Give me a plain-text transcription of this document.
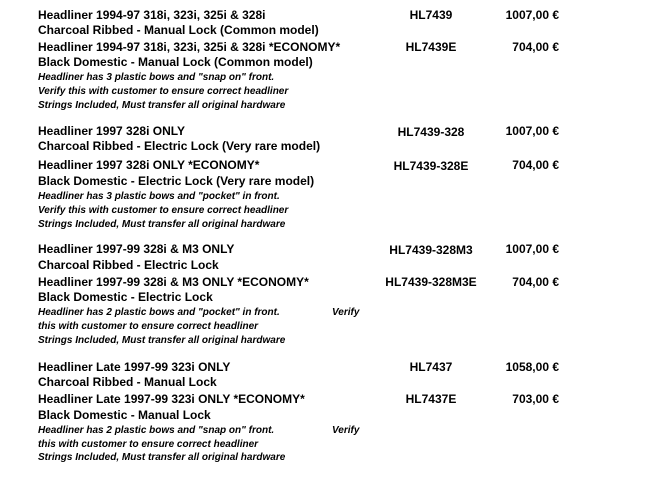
Headliner 1994-97 318i, 323i, 325i & 328i
Charcoal Ribbed - Manual Lock (Common model)
HL7439	1007,00 €
Headliner 1994-97 318i, 323i, 325i & 328i *ECONOMY*
Black Domestic - Manual Lock (Common model)
HL7439E	704,00 €
Headliner has 3 plastic bows and "snap on" front.
Verify this with customer to ensure correct headliner
Strings Included, Must transfer all original hardware
Headliner 1997 328i ONLY
Charcoal Ribbed - Electric Lock (Very rare model)
HL7439-328	1007,00 €
Headliner 1997 328i ONLY *ECONOMY*
Black Domestic - Electric Lock (Very rare model)
HL7439-328E	704,00 €
Headliner has 3 plastic bows and "pocket" in front.
Verify this with customer to ensure correct headliner
Strings Included, Must transfer all original hardware
Headliner 1997-99 328i & M3 ONLY
Charcoal Ribbed - Electric Lock
HL7439-328M3	1007,00 €
Headliner 1997-99 328i & M3 ONLY *ECONOMY*
Black Domestic - Electric Lock
HL7439-328M3E	704,00 €
Headliner has 2 plastic bows and "pocket" in front.	Verify
this with customer to ensure correct headliner
Strings Included, Must transfer all original hardware
Headliner Late 1997-99 323i ONLY
Charcoal Ribbed - Manual Lock
HL7437	1058,00 €
Headliner Late 1997-99 323i ONLY *ECONOMY*
Black Domestic - Manual Lock
HL7437E	703,00 €
Headliner has 2 plastic bows and "snap on" front.	Verify
this with customer to ensure correct headliner
Strings Included, Must transfer all original hardware
